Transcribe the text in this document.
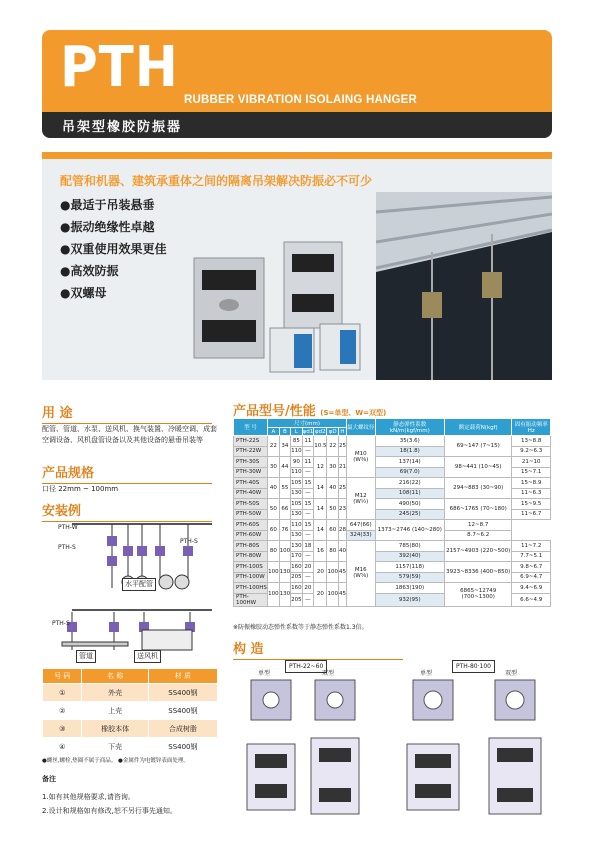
PTH RUBBER VIBRATION ISOLAING HANGER
吊架型橡胶防振器
配管和机器、建筑承重体之间的隔离吊架解决防振必不可少
●最适于吊装悬垂
●振动绝缘性卓越
●双重使用效果更佳
●高效防振
●双螺母
用 途
配管、管道、水泵、送风机、换气装置、冷暖空调、成套空调设备、风机盘管设备以及其他设备的悬垂吊装等
产品规格
口径 22mm ~ 100mm
安装例
PTH-W
PTH-S
PTH-S
PTH-S
水平配管
管道	送风机
产品型号/性能 (S=单型、W=双型)
型 号	尺寸(mm)							最大螺纹径	静态弹性系数kN/m(kgf/mm)	额定载荷N(kgf)	固有振动频率Hz
	A	B	L	φd1	φd2	φD	H				
PTH-22S	22	34	85	11	10.5	22	25	M10 (W⅜)	35(3.6)	69~147 (7~15)	13~8.8
PTH-22W			110	—					18(1.8)		9.2~6.3
PTH-30S	30	44	90	11	12	30	21		137(14)	98~441 (10~45)	21~10
PTH-30W			110	—					69(7.0)		15~7.1
PTH-40S	40	55	105	15	14	40	25	M12 (W½)	216(22)	294~883 (30~90)	15~8.9
PTH-40W			130	—					108(11)		11~6.3
PTH-50S	50	66	105	15	14	50	23		490(50)	686~1765 (70~180)	15~9.5
PTH-50W			130	—					245(25)		11~6.7
PTH-60S	60	76	110	15	14	60	28	647(66)	1373~2746 (140~280)	12~8.7	
PTH-60W			130	—				324(33)		8.7~6.2	
PTH-80S	80	100	130	18	16	80	40	M16 (W⅝)	785(80)	2157~4903 (220~500)	11~7.2
PTH-80W			170	—					392(40)		7.7~5.1
PTH-100S	100	130	160	20	20	100	45		1157(118)	3923~8336 (400~850)	9.8~6.7
PTH-100W			205	—					579(59)		6.9~4.7
PTH-100HS	100	130	160	20	20	100	45		1863(190)	6865~12749 (700~1300)	9.4~6.9
PTH-100HW			205	—					932(95)		6.6~4.9
※防振橡胶动态弹性系数等于静态弹性系数1.3倍。
构 造
PTH-22~60	PTH-80·100
单型	双型	单型	双型
号 码	名 称	材 质
①	外壳	SS400钢
②	上壳	SS400钢
③	橡胶本体	合成树脂
④	下壳	SS400钢
●螺丝,螺栓,垫圈不属于商品。 ●金属件为电镀锌表面处理。
备注
1.如有其他规格要求,请咨询。
2.设计和规格如有修改,恕不另行事先通知。
